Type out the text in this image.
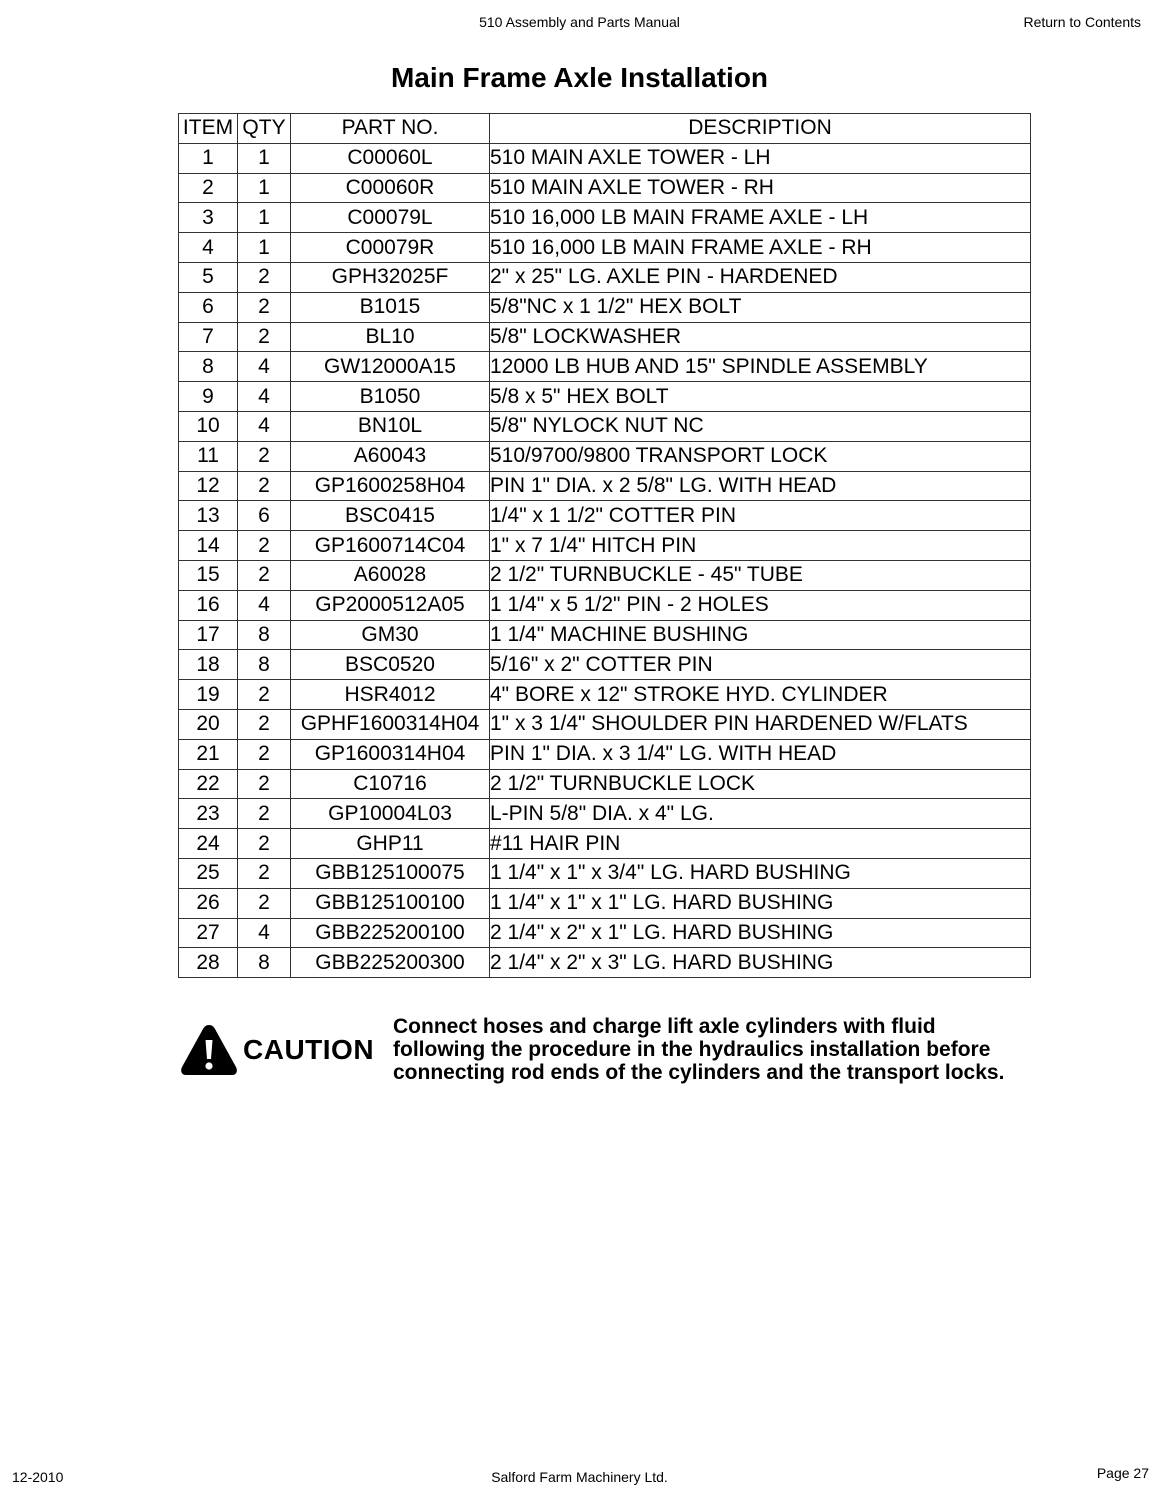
510 Assembly and Parts Manual	Return to Contents
Main Frame Axle Installation
ITEM	QTY	PART NO.	DESCRIPTION
1	1	C00060L	510 MAIN AXLE TOWER - LH
2	1	C00060R	510 MAIN AXLE TOWER - RH
3	1	C00079L	510 16,000 LB MAIN FRAME AXLE - LH
4	1	C00079R	510 16,000 LB MAIN FRAME AXLE - RH
5	2	GPH32025F	2" x 25" LG. AXLE PIN - HARDENED
6	2	B1015	5/8"NC x 1 1/2" HEX BOLT
7	2	BL10	5/8" LOCKWASHER
8	4	GW12000A15	12000 LB HUB AND 15" SPINDLE ASSEMBLY
9	4	B1050	5/8 x 5" HEX BOLT
10	4	BN10L	5/8" NYLOCK NUT NC
11	2	A60043	510/9700/9800 TRANSPORT LOCK
12	2	GP1600258H04	PIN 1" DIA. x 2 5/8" LG. WITH HEAD
13	6	BSC0415	1/4" x 1 1/2" COTTER PIN
14	2	GP1600714C04	1" x 7 1/4" HITCH PIN
15	2	A60028	2 1/2" TURNBUCKLE - 45" TUBE
16	4	GP2000512A05	1 1/4" x 5 1/2" PIN - 2 HOLES
17	8	GM30	1 1/4" MACHINE BUSHING
18	8	BSC0520	5/16" x 2" COTTER PIN
19	2	HSR4012	4" BORE x 12" STROKE HYD. CYLINDER
20	2	GPHF1600314H04	1" x 3 1/4" SHOULDER PIN HARDENED W/FLATS
21	2	GP1600314H04	PIN 1" DIA. x 3 1/4" LG. WITH HEAD
22	2	C10716	2 1/2" TURNBUCKLE LOCK
23	2	GP10004L03	L-PIN 5/8" DIA. x 4" LG.
24	2	GHP11	#11 HAIR PIN
25	2	GBB125100075	1 1/4" x 1" x 3/4" LG. HARD BUSHING
26	2	GBB125100100	1 1/4" x 1" x 1" LG. HARD BUSHING
27	4	GBB225200100	2 1/4" x 2" x 1" LG. HARD BUSHING
28	8	GBB225200300	2 1/4" x 2" x 3" LG. HARD BUSHING
CAUTION
Connect hoses and charge lift axle cylinders with fluid
following the procedure in the hydraulics installation before
connecting rod ends of the cylinders and the transport locks.
12-2010	Salford Farm Machinery Ltd.	Page 27
